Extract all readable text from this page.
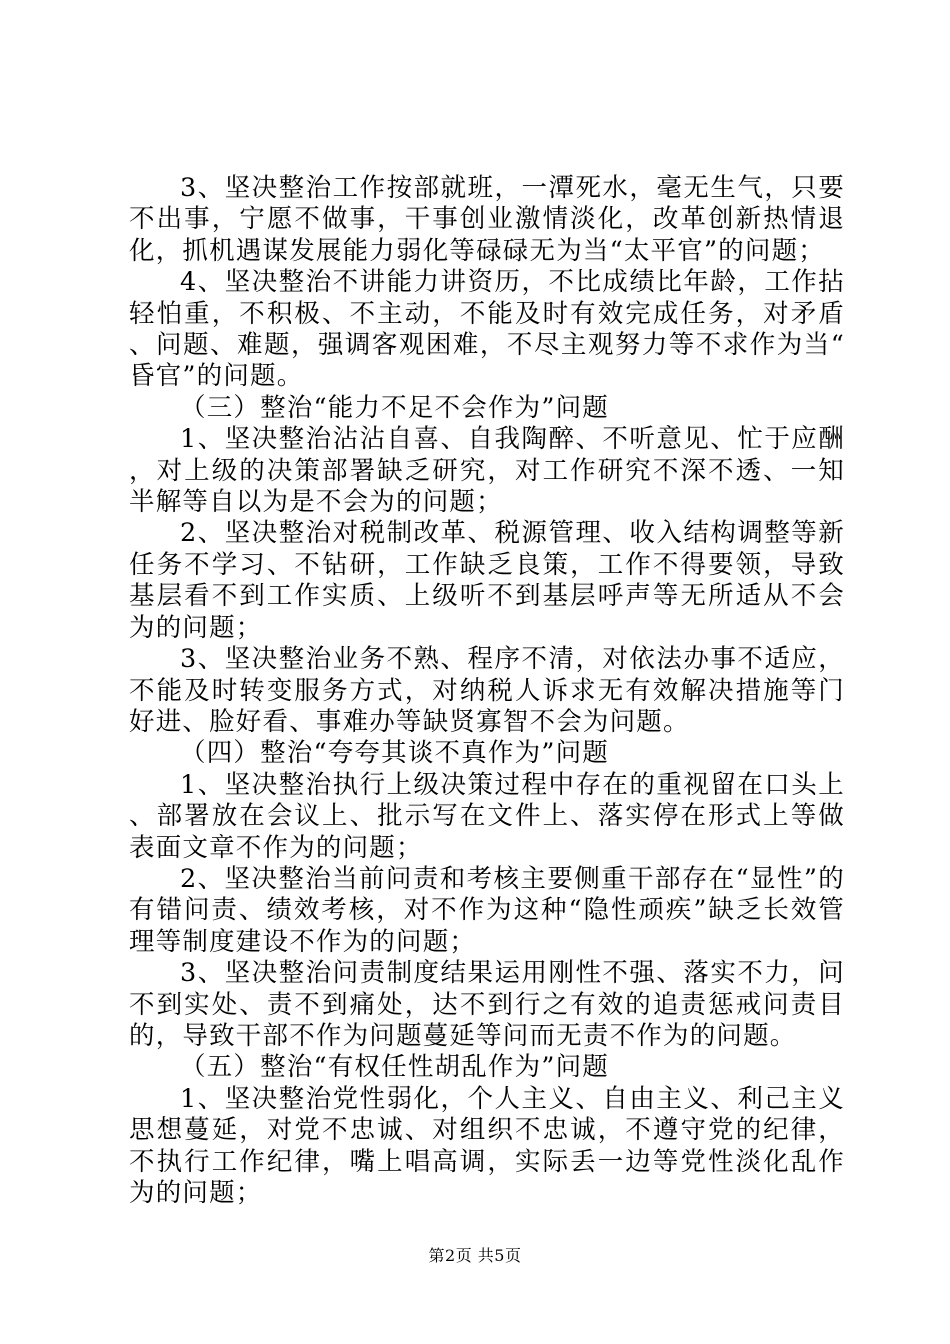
3、坚决整治工作按部就班，一潭死水，毫无生气，只要不出事，宁愿不做事，干事创业激情淡化，改革创新热情退化，抓机遇谋发展能力弱化等碌碌无为当“太平官”的问题；

4、坚决整治不讲能力讲资历，不比成绩比年龄，工作拈轻怕重，不积极、不主动，不能及时有效完成任务，对矛盾、问题、难题，强调客观困难，不尽主观努力等不求作为当“昏官”的问题。

（三）整治“能力不足不会作为”问题

1、坚决整治沾沾自喜、自我陶醉、不听意见、忙于应酬，对上级的决策部署缺乏研究，对工作研究不深不透、一知半解等自以为是不会为的问题；

2、坚决整治对税制改革、税源管理、收入结构调整等新任务不学习、不钻研，工作缺乏良策，工作不得要领，导致基层看不到工作实质、上级听不到基层呼声等无所适从不会为的问题；

3、坚决整治业务不熟、程序不清，对依法办事不适应，不能及时转变服务方式，对纳税人诉求无有效解决措施等门好进、脸好看、事难办等缺贤寡智不会为问题。

（四）整治“夸夸其谈不真作为”问题

1、坚决整治执行上级决策过程中存在的重视留在口头上、部署放在会议上、批示写在文件上、落实停在形式上等做表面文章不作为的问题；

2、坚决整治当前问责和考核主要侧重干部存在“显性”的有错问责、绩效考核，对不作为这种“隐性顽疾”缺乏长效管理等制度建设不作为的问题；

3、坚决整治问责制度结果运用刚性不强、落实不力，问不到实处、责不到痛处，达不到行之有效的追责惩戒问责目的，导致干部不作为问题蔓延等问而无责不作为的问题。

（五）整治“有权任性胡乱作为”问题

1、坚决整治党性弱化，个人主义、自由主义、利己主义思想蔓延，对党不忠诚、对组织不忠诚，不遵守党的纪律，不执行工作纪律，嘴上唱高调，实际丢一边等党性淡化乱作为的问题；

第2页 共5页
